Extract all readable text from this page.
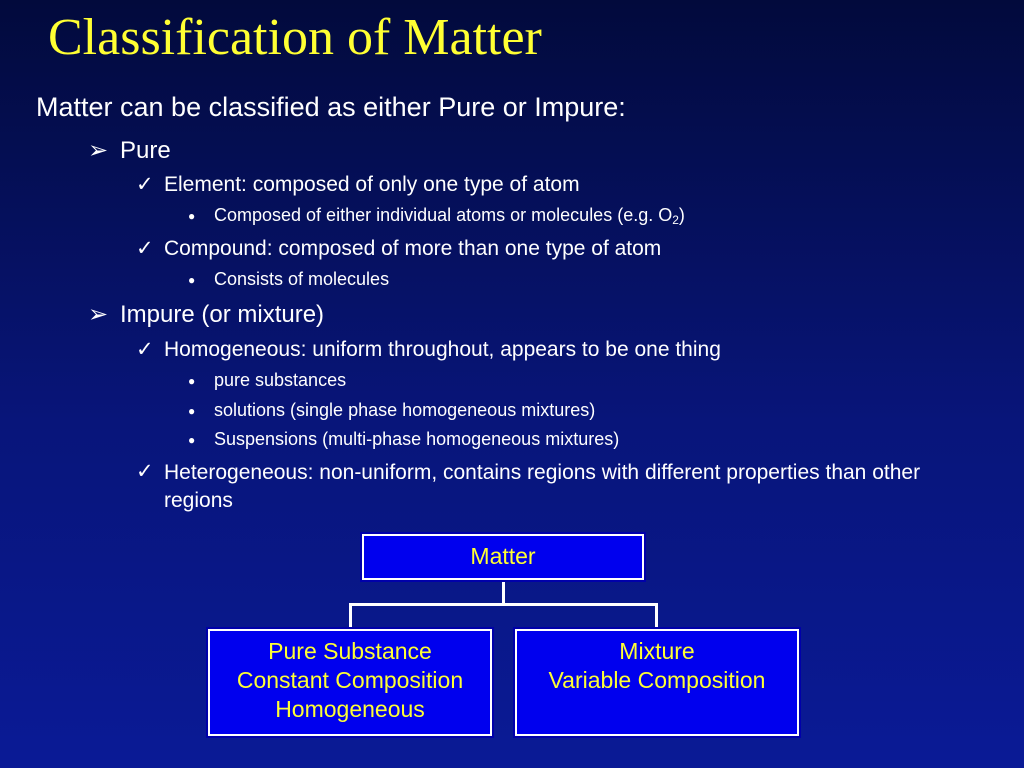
Classification of Matter
Matter can be classified as either Pure or Impure:
➢ Pure
✓ Element: composed of only one type of atom
● Composed of either individual atoms or molecules (e.g. $O_2$)
✓ Compound: composed of more than one type of atom
● Consists of molecules
➢ Impure (or mixture)
✓ Homogeneous: uniform throughout, appears to be one thing
● pure substances
● solutions (single phase homogeneous mixtures)
● Suspensions (multi-phase homogeneous mixtures)
✓ Heterogeneous: non-uniform, contains regions with different properties than other regions
Matter
Pure Substance
Constant Composition
Homogeneous
Mixture
Variable Composition
